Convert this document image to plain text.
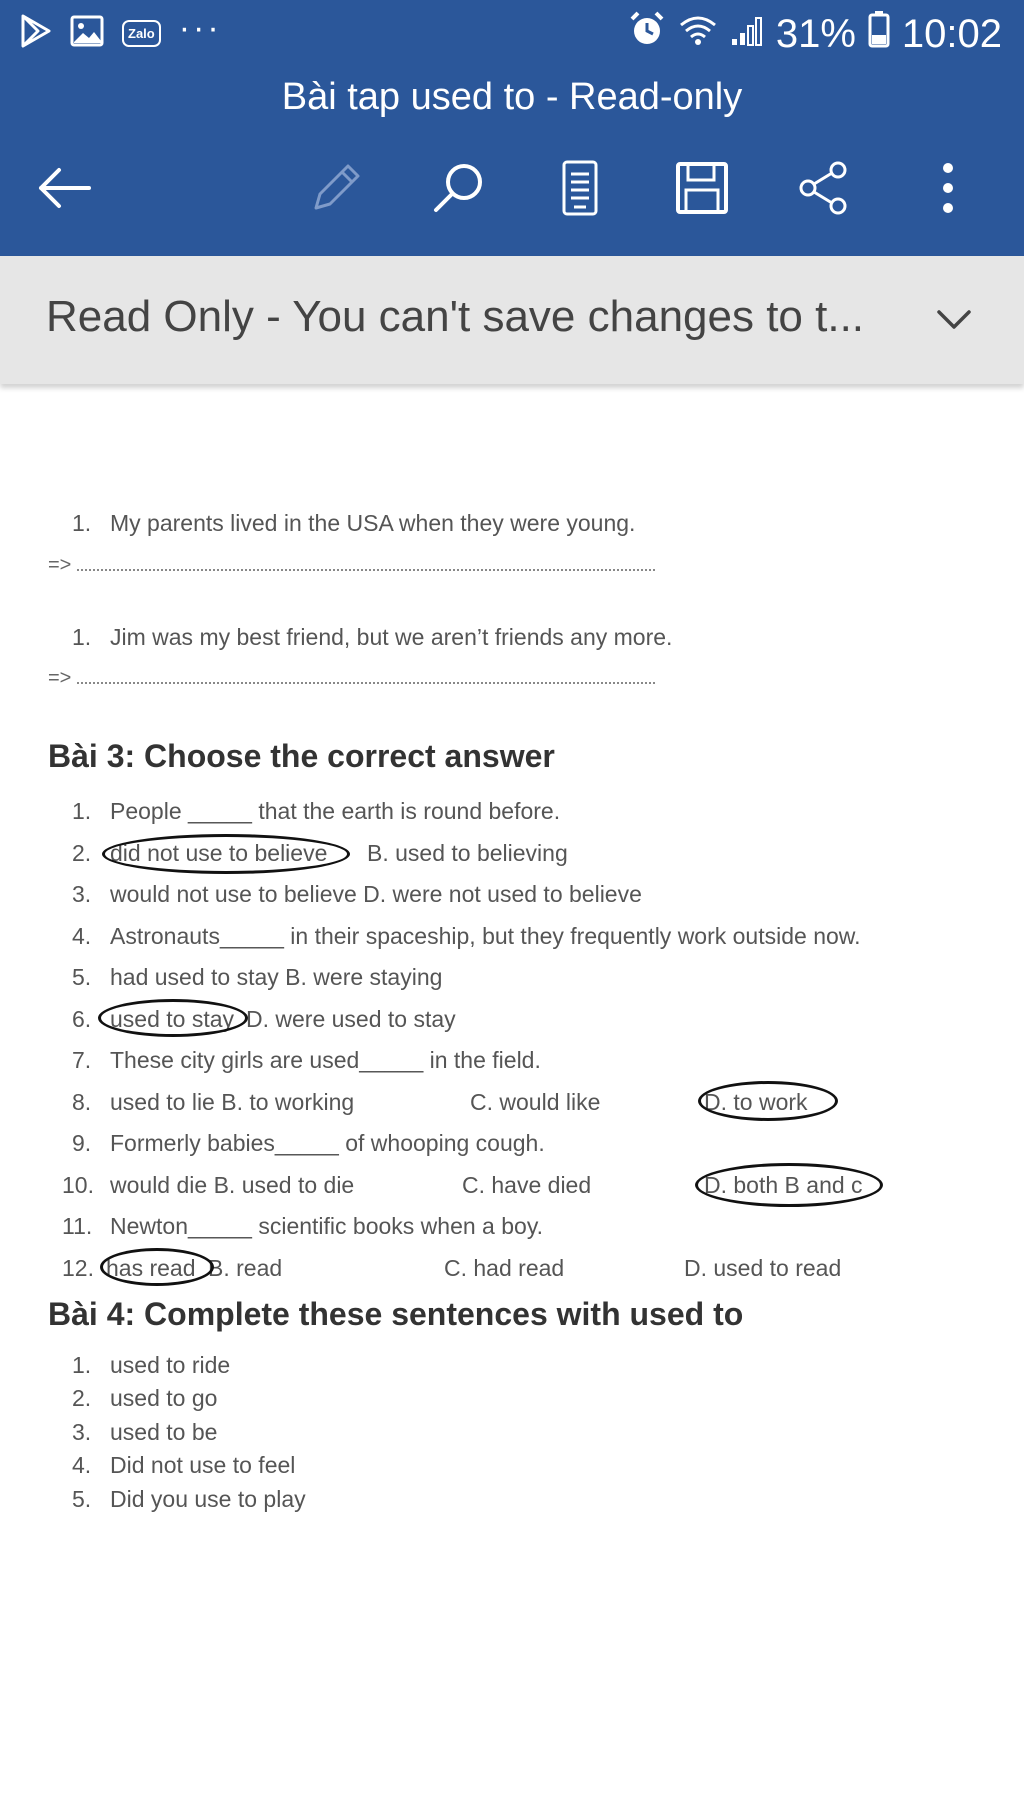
Zalo ···	31% 10:02
Bài tap used to - Read-only
Read Only - You can't save changes to t...
1. My parents lived in the USA when they were young.
=>
1. Jim was my best friend, but we aren’t friends any more.
=>
Bài 3: Choose the correct answer
1. People _____ that the earth is round before.
2. did not use to believe B. used to believing
3. would not use to believe D. were not used to believe
4. Astronauts_____ in their spaceship, but they frequently work outside now.
5. had used to stay B. were staying
6. used to stay D. were used to stay
7. These city girls are used_____ in the field.
8. used to lie B. to working	C. would like	D. to work
9. Formerly babies_____ of whooping cough.
10. would die B. used to die	C. have died	D. both B and c
11. Newton_____ scientific books when a boy.
12. has read B. read	C. had read	D. used to read
Bài 4: Complete these sentences with used to
1. used to ride
2. used to go
3. used to be
4. Did not use to feel
5. Did you use to play
